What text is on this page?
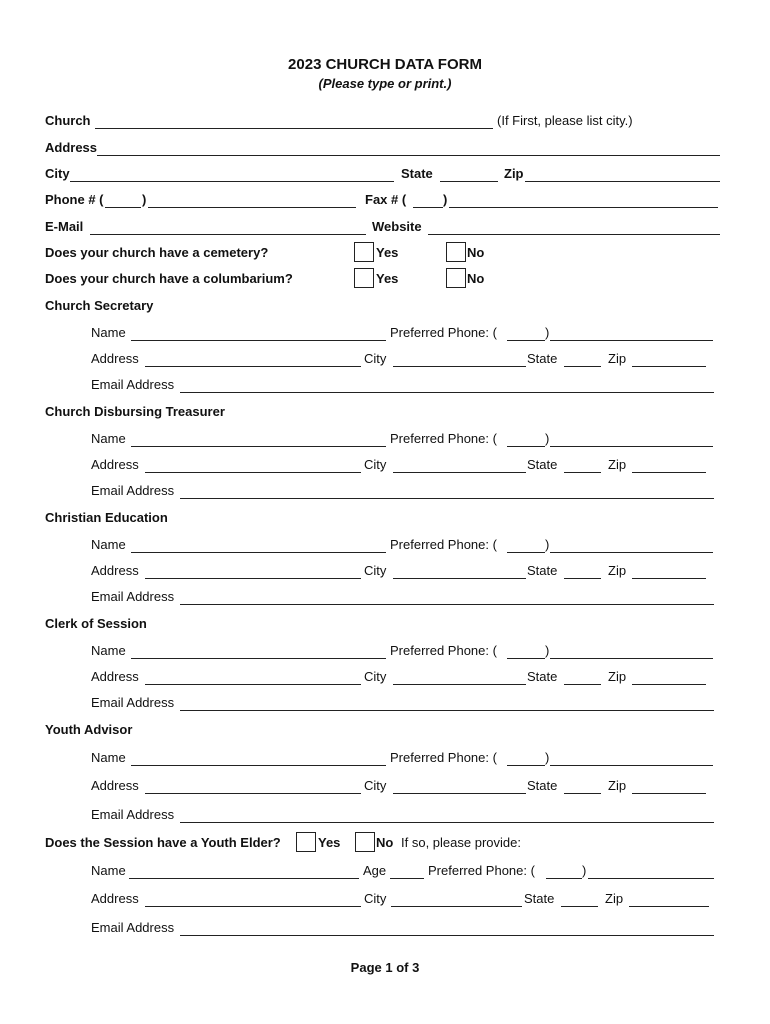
2023 CHURCH DATA FORM
(Please type or print.)
Church	(If First, please list city.)
Address
City	State	Zip
Phone # (	)	Fax # (	)
E-Mail	Website
Does your church have a cemetery?	Yes	No
Does your church have a columbarium?	Yes	No
Church Secretary
Name	Preferred Phone: (	)
Address	City	State	Zip
Email Address
Church Disbursing Treasurer
Name	Preferred Phone: (	)
Address	City	State	Zip
Email Address
Christian Education
Name	Preferred Phone: (	)
Address	City	State	Zip
Email Address
Clerk of Session
Name	Preferred Phone: (	)
Address	City	State	Zip
Email Address
Youth Advisor
Name	Preferred Phone: (	)
Address	City	State	Zip
Email Address
Does the Session have a Youth Elder?	Yes	No If so, please provide:
Name	Age	Preferred Phone: (	)
Address	City	State	Zip
Email Address
Page 1 of 3
